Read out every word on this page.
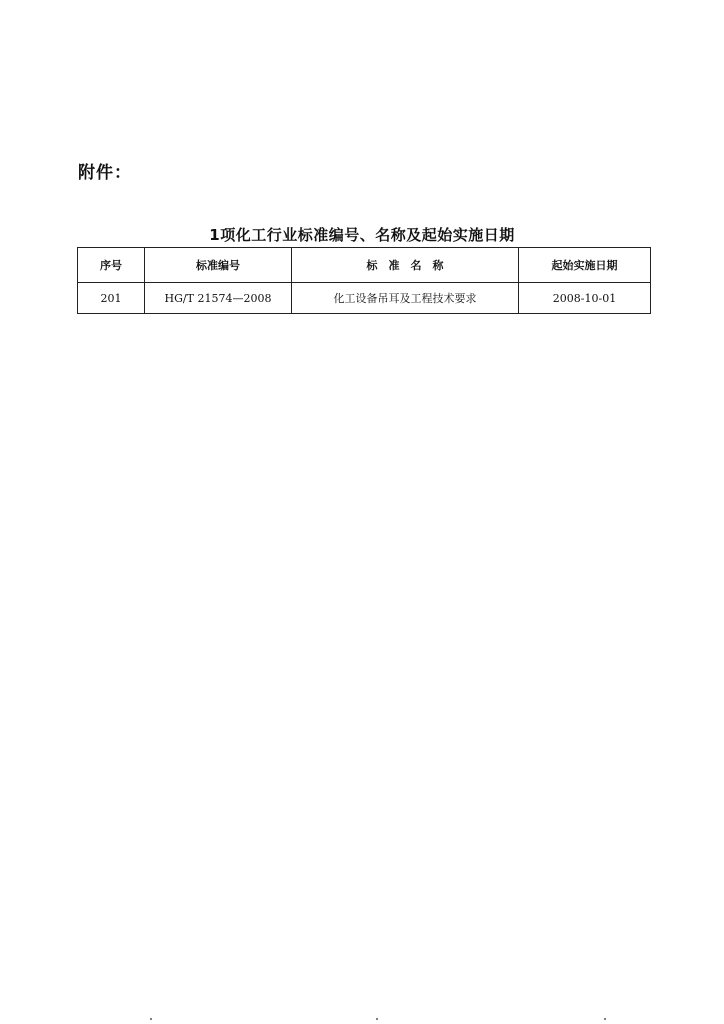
附件：
1项化工行业标准编号、名称及起始实施日期
序号	标准编号	标　准　名　称	起始实施日期
201	HG/T 21574—2008	化工设备吊耳及工程技术要求	2008-10-01
